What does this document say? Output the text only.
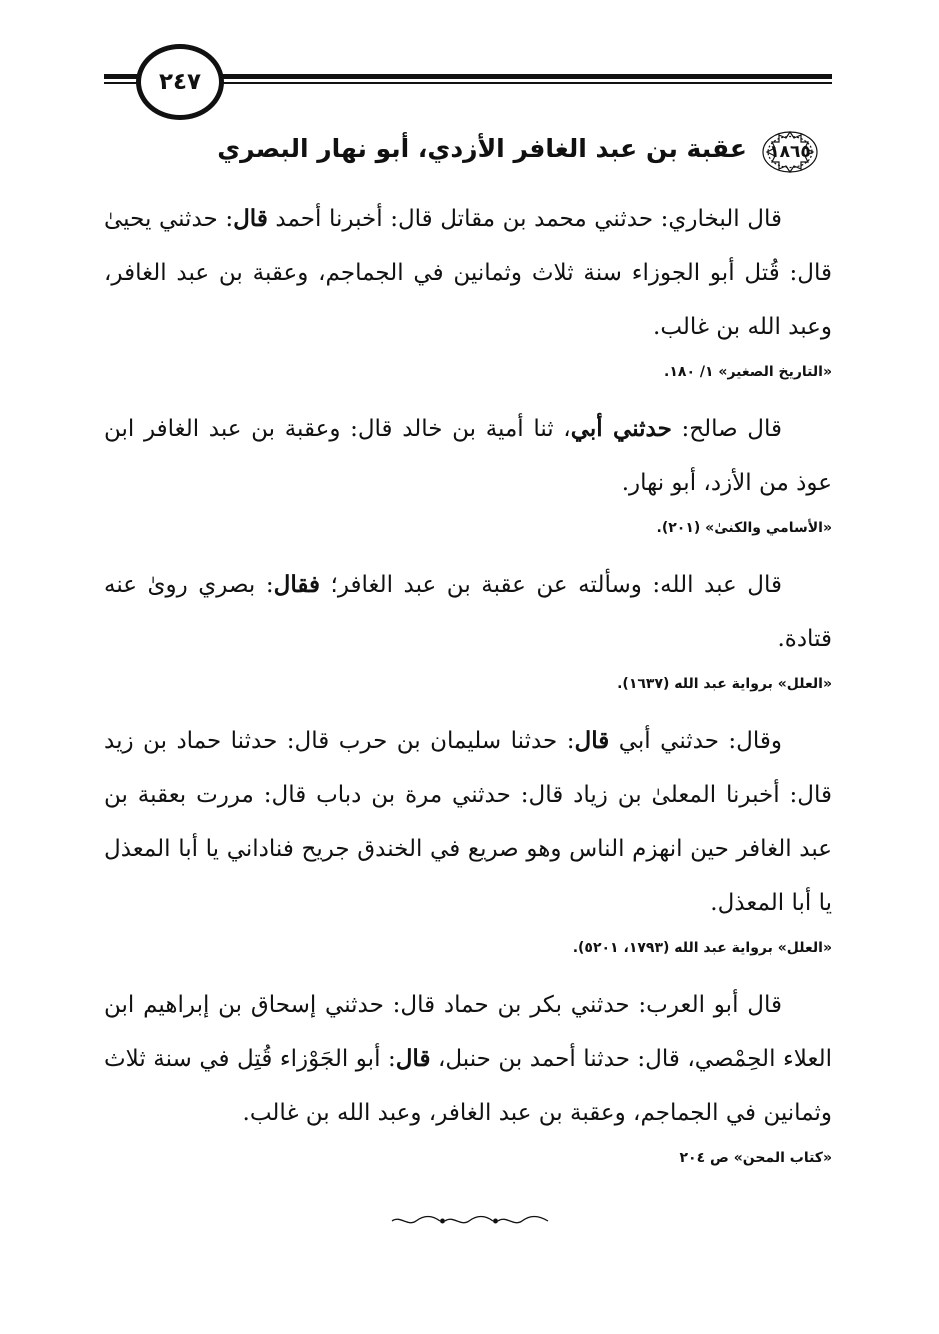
٢٤٧
١٨٦٥
عقبة بن عبد الغافر الأزدي، أبو نهار البصري

قال البخاري: حدثني محمد بن مقاتل قال: أخبرنا أحمد قال: حدثني يحيىٰ قال: قُتل أبو الجوزاء سنة ثلاث وثمانين في الجماجم، وعقبة بن عبد الغافر، وعبد الله بن غالب.

«التاريخ الصغير» ١/ ١٨٠.

قال صالح: حدثني أبي، ثنا أمية بن خالد قال: وعقبة بن عبد الغافر ابن عوذ من الأزد، أبو نهار.

«الأسامي والكنىٰ» (٢٠١).

قال عبد الله: وسألته عن عقبة بن عبد الغافر؛ فقال: بصري روىٰ عنه قتادة.

«العلل» برواية عبد الله (١٦٣٧).

وقال: حدثني أبي قال: حدثنا سليمان بن حرب قال: حدثنا حماد بن زيد قال: أخبرنا المعلىٰ بن زياد قال: حدثني مرة بن دباب قال: مررت بعقبة بن عبد الغافر حين انهزم الناس وهو صريع في الخندق جريح فناداني يا أبا المعذل يا أبا المعذل.

«العلل» برواية عبد الله (١٧٩٣، ٥٢٠١).

قال أبو العرب: حدثني بكر بن حماد قال: حدثني إسحاق بن إبراهيم ابن العلاء الحِمْصي، قال: حدثنا أحمد بن حنبل، قال: أبو الجَوْزاء قُتِل في سنة ثلاث وثمانين في الجماجم، وعقبة بن عبد الغافر، وعبد الله بن غالب.

«كتاب المحن» ص ٢٠٤
